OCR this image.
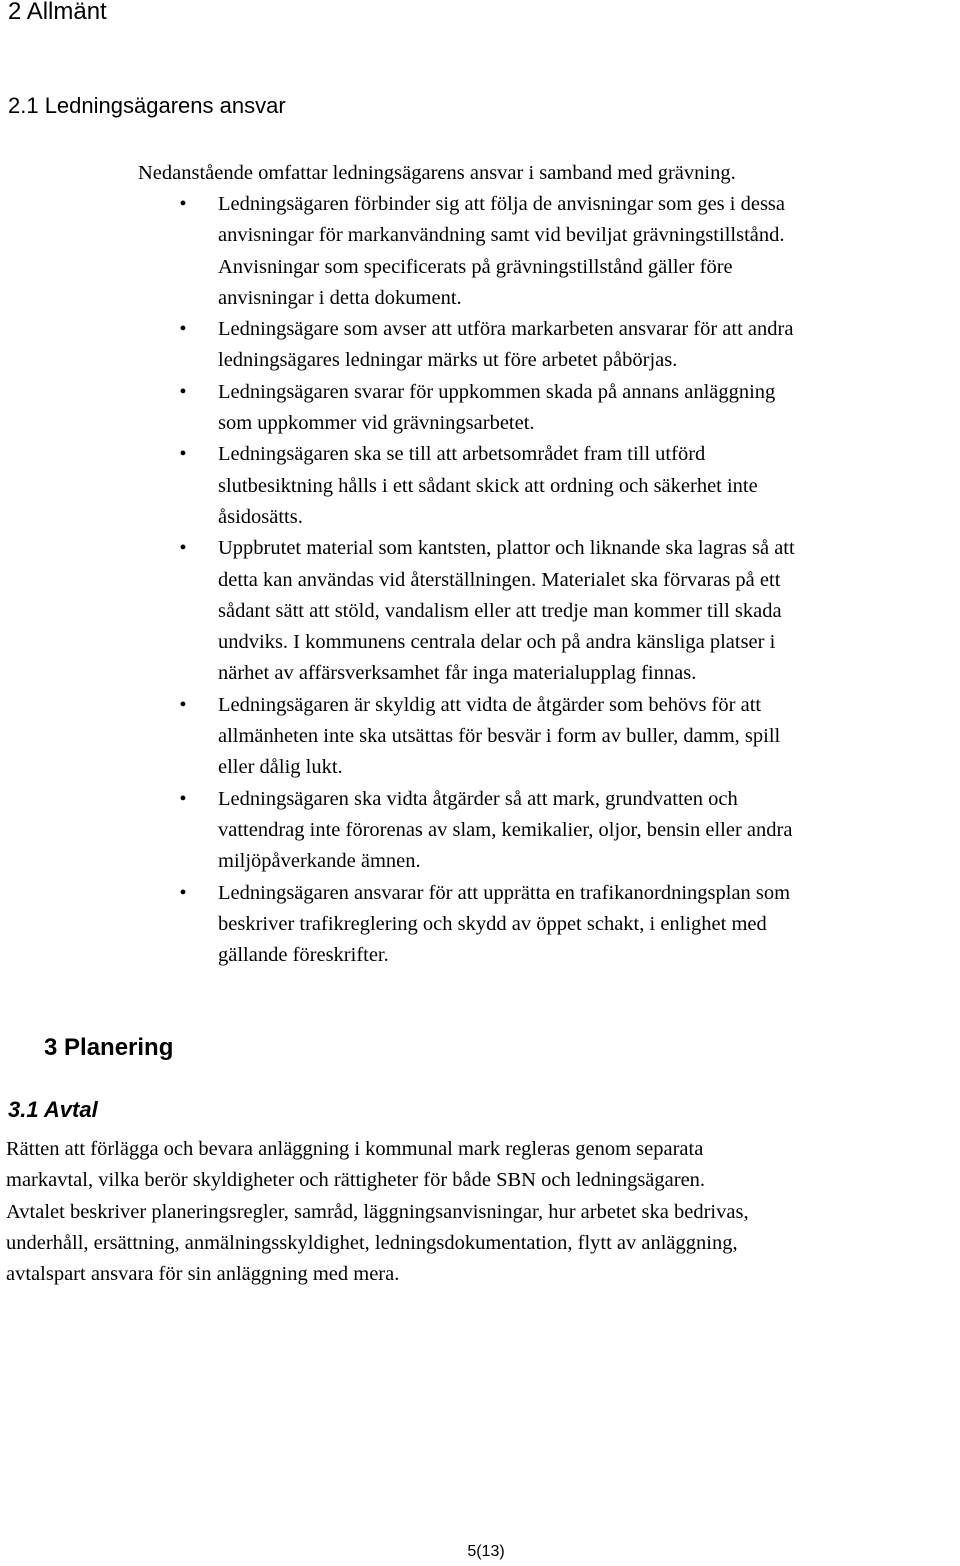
2 Allmänt
2.1 Ledningsägarens ansvar

Nedanstående omfattar ledningsägarens ansvar i samband med grävning.

• Ledningsägaren förbinder sig att följa de anvisningar som ges i dessa
anvisningar för markanvändning samt vid beviljat grävningstillstånd.
Anvisningar som specificerats på grävningstillstånd gäller före
anvisningar i detta dokument.
• Ledningsägare som avser att utföra markarbeten ansvarar för att andra
ledningsägares ledningar märks ut före arbetet påbörjas.
• Ledningsägaren svarar för uppkommen skada på annans anläggning
som uppkommer vid grävningsarbetet.
• Ledningsägaren ska se till att arbetsområdet fram till utförd
slutbesiktning hålls i ett sådant skick att ordning och säkerhet inte
åsidosätts.
• Uppbrutet material som kantsten, plattor och liknande ska lagras så att
detta kan användas vid återställningen. Materialet ska förvaras på ett
sådant sätt att stöld, vandalism eller att tredje man kommer till skada
undviks. I kommunens centrala delar och på andra känsliga platser i
närhet av affärsverksamhet får inga materialupplag finnas.
• Ledningsägaren är skyldig att vidta de åtgärder som behövs för att
allmänheten inte ska utsättas för besvär i form av buller, damm, spill
eller dålig lukt.
• Ledningsägaren ska vidta åtgärder så att mark, grundvatten och
vattendrag inte förorenas av slam, kemikalier, oljor, bensin eller andra
miljöpåverkande ämnen.
• Ledningsägaren ansvarar för att upprätta en trafikanordningsplan som
beskriver trafikreglering och skydd av öppet schakt, i enlighet med
gällande föreskrifter.
3 Planering
3.1 Avtal

Rätten att förlägga och bevara anläggning i kommunal mark regleras genom separata
markavtal, vilka berör skyldigheter och rättigheter för både SBN och ledningsägaren.
Avtalet beskriver planeringsregler, samråd, läggningsanvisningar, hur arbetet ska bedrivas,
underhåll, ersättning, anmälningsskyldighet, ledningsdokumentation, flytt av anläggning,
avtalspart ansvara för sin anläggning med mera.

5(13)
